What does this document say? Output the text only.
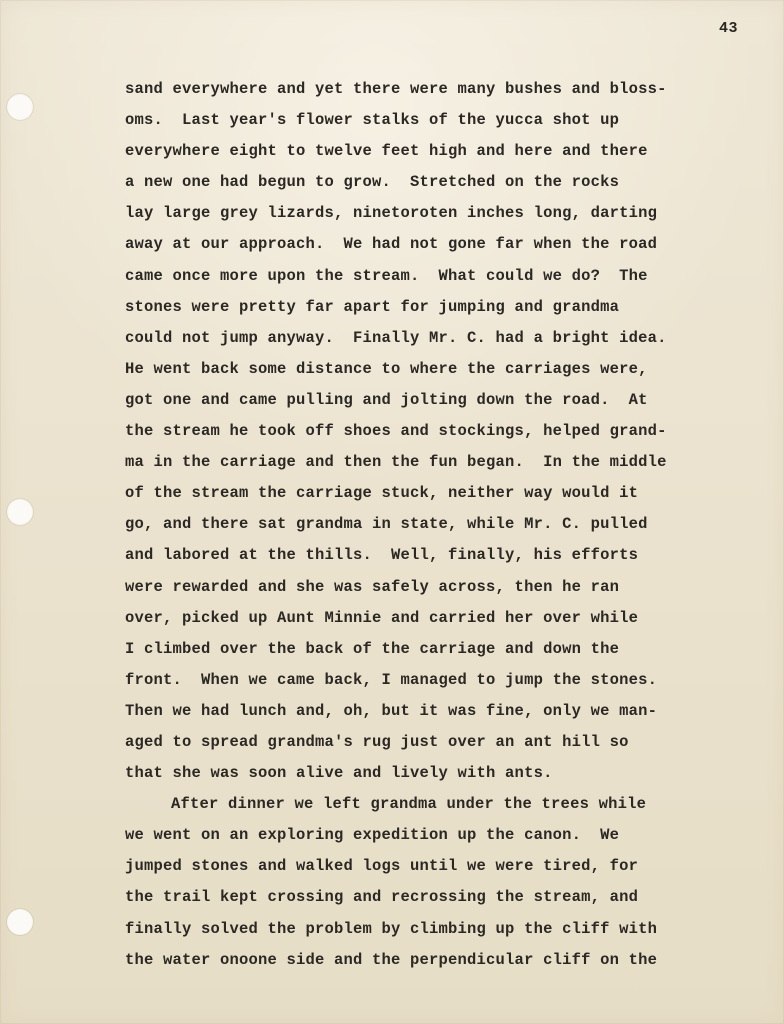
43
sand everywhere and yet there were many bushes and bloss-
oms.  Last year's flower stalks of the yucca shot up
everywhere eight to twelve feet high and here and there
a new one had begun to grow.  Stretched on the rocks
lay large grey lizards, ninetoroten inches long, darting
away at our approach.  We had not gone far when the road
came once more upon the stream.  What could we do?  The
stones were pretty far apart for jumping and grandma
could not jump anyway.  Finally Mr. C. had a bright idea.
He went back some distance to where the carriages were,
got one and came pulling and jolting down the road.  At
the stream he took off shoes and stockings, helped grand-
ma in the carriage and then the fun began.  In the middle
of the stream the carriage stuck, neither way would it
go, and there sat grandma in state, while Mr. C. pulled
and labored at the thills.  Well, finally, his efforts
were rewarded and she was safely across, then he ran
over, picked up Aunt Minnie and carried her over while
I climbed over the back of the carriage and down the
front.  When we came back, I managed to jump the stones.
Then we had lunch and, oh, but it was fine, only we man-
aged to spread grandma's rug just over an ant hill so
that she was soon alive and lively with ants.
After dinner we left grandma under the trees while
we went on an exploring expedition up the canon.  We
jumped stones and walked logs until we were tired, for
the trail kept crossing and recrossing the stream, and
finally solved the problem by climbing up the cliff with
the water onoone side and the perpendicular cliff on the
